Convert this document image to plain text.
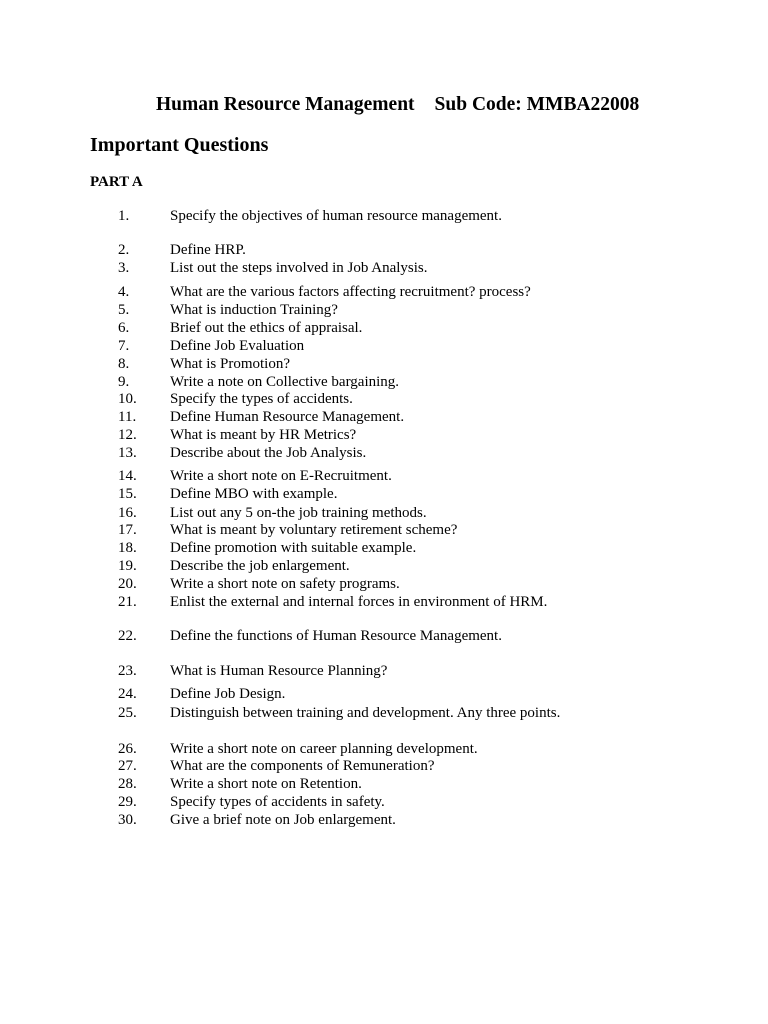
Human Resource Management Sub Code: MMBA22008
Important Questions
PART A
1.	Specify the objectives of human resource management.
2.	Define HRP.
3.	List out the steps involved in Job Analysis.
4.	What are the various factors affecting recruitment? process?
5.	What is induction Training?
6.	Brief out the ethics of appraisal.
7.	Define Job Evaluation
8.	What is Promotion?
9.	Write a note on Collective bargaining.
10.	Specify the types of accidents.
11.	Define Human Resource Management.
12.	What is meant by HR Metrics?
13.	Describe about the Job Analysis.
14.	Write a short note on E-Recruitment.
15.	Define MBO with example.
16.	List out any 5 on-the job training methods.
17.	What is meant by voluntary retirement scheme?
18.	Define promotion with suitable example.
19.	Describe the job enlargement.
20.	Write a short note on safety programs.
21.	Enlist the external and internal forces in environment of HRM.
22.	Define the functions of Human Resource Management.
23.	What is Human Resource Planning?
24.	Define Job Design.
25.	Distinguish between training and development. Any three points.
26.	Write a short note on career planning development.
27.	What are the components of Remuneration?
28.	Write a short note on Retention.
29.	Specify types of accidents in safety.
30.	Give a brief note on Job enlargement.
